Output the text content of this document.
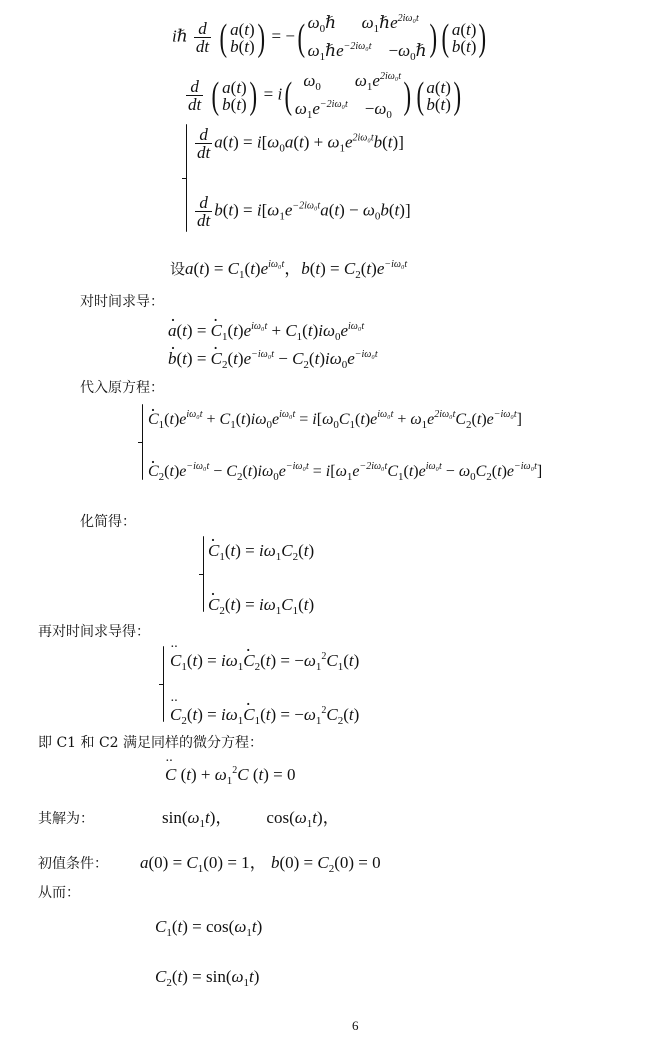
iℏ $\frac{d}{dt}$ ( a(t)
b(t)) = −( $\omega_0\hbar$ $\omega_1\hbar e^{2i\omega_0t}$
$\omega_1\hbar e^{-2i\omega_0t}$    $-\omega_0\hbar$) ( a(t)
b(t))
$\frac{d}{dt}$ ( a(t)
b(t)) = i( $\omega_0$ $\omega_1e^{2i\omega_0t}$
$\omega_1e^{-2i\omega_0t}$    $-\omega_0$ ) ( a(t)
b(t))
$\frac{d}{dt} a(t) = i[\omega_0a(t) + \omega_1e^{2i\omega_0t}b(t)]$
$\frac{d}{dt} b(t) = i[\omega_1e^{-2i\omega_0t}a(t) - \omega_0b(t)]$
设$a(t) = C_1(t)e^{i\omega_0t}$，$b(t) = C_2(t)e^{-i\omega_0t}$
对时间求导：
· a(t) = · $C_1(t)e^{i\omega_0t} + C_1(t)i\omega_0e^{i\omega_0t}$
· b(t) = · $C_2(t)e^{-i\omega_0t} - C_2(t)i\omega_0e^{-i\omega_0t}$
代入原方程：
· $C_1(t)e^{i\omega_0t} + C_1(t)i\omega_0e^{i\omega_0t} = i[\omega_0C_1(t)e^{i\omega_0t} + \omega_1e^{2i\omega_0t}C_2(t)e^{-i\omega_0t}]$
· $C_2(t)e^{-i\omega_0t} - C_2(t)i\omega_0e^{-i\omega_0t} = i[\omega_1e^{-2i\omega_0t}C_1(t)e^{i\omega_0t} - \omega_0C_2(t)e^{-i\omega_0t}]$
化简得：
· $C_1(t) = i\omega_1C_2(t)$
· $C_2(t) = i\omega_1C_1(t)$
再对时间求导得：
·· $C_1(t) = i\omega_1\cdot C_2(t) = -\omega_1^2C_1(t)$
·· $C_2(t) = i\omega_1\cdot C_1(t) = -\omega_1^2C_2(t)$
即 C1 和 C2 满足同样的微分方程：
·· C $(t) + \omega_1^2C$ (t) = 0
其解为：	$\sin(\omega_1t)$，        $\cos(\omega_1t)$，
初值条件： $a(0) = C_1(0) = 1$， $b(0) = C_2(0) = 0$
从而：
$C_1(t) = \cos(\omega_1t)$
$C_2(t) = \sin(\omega_1t)$
6
